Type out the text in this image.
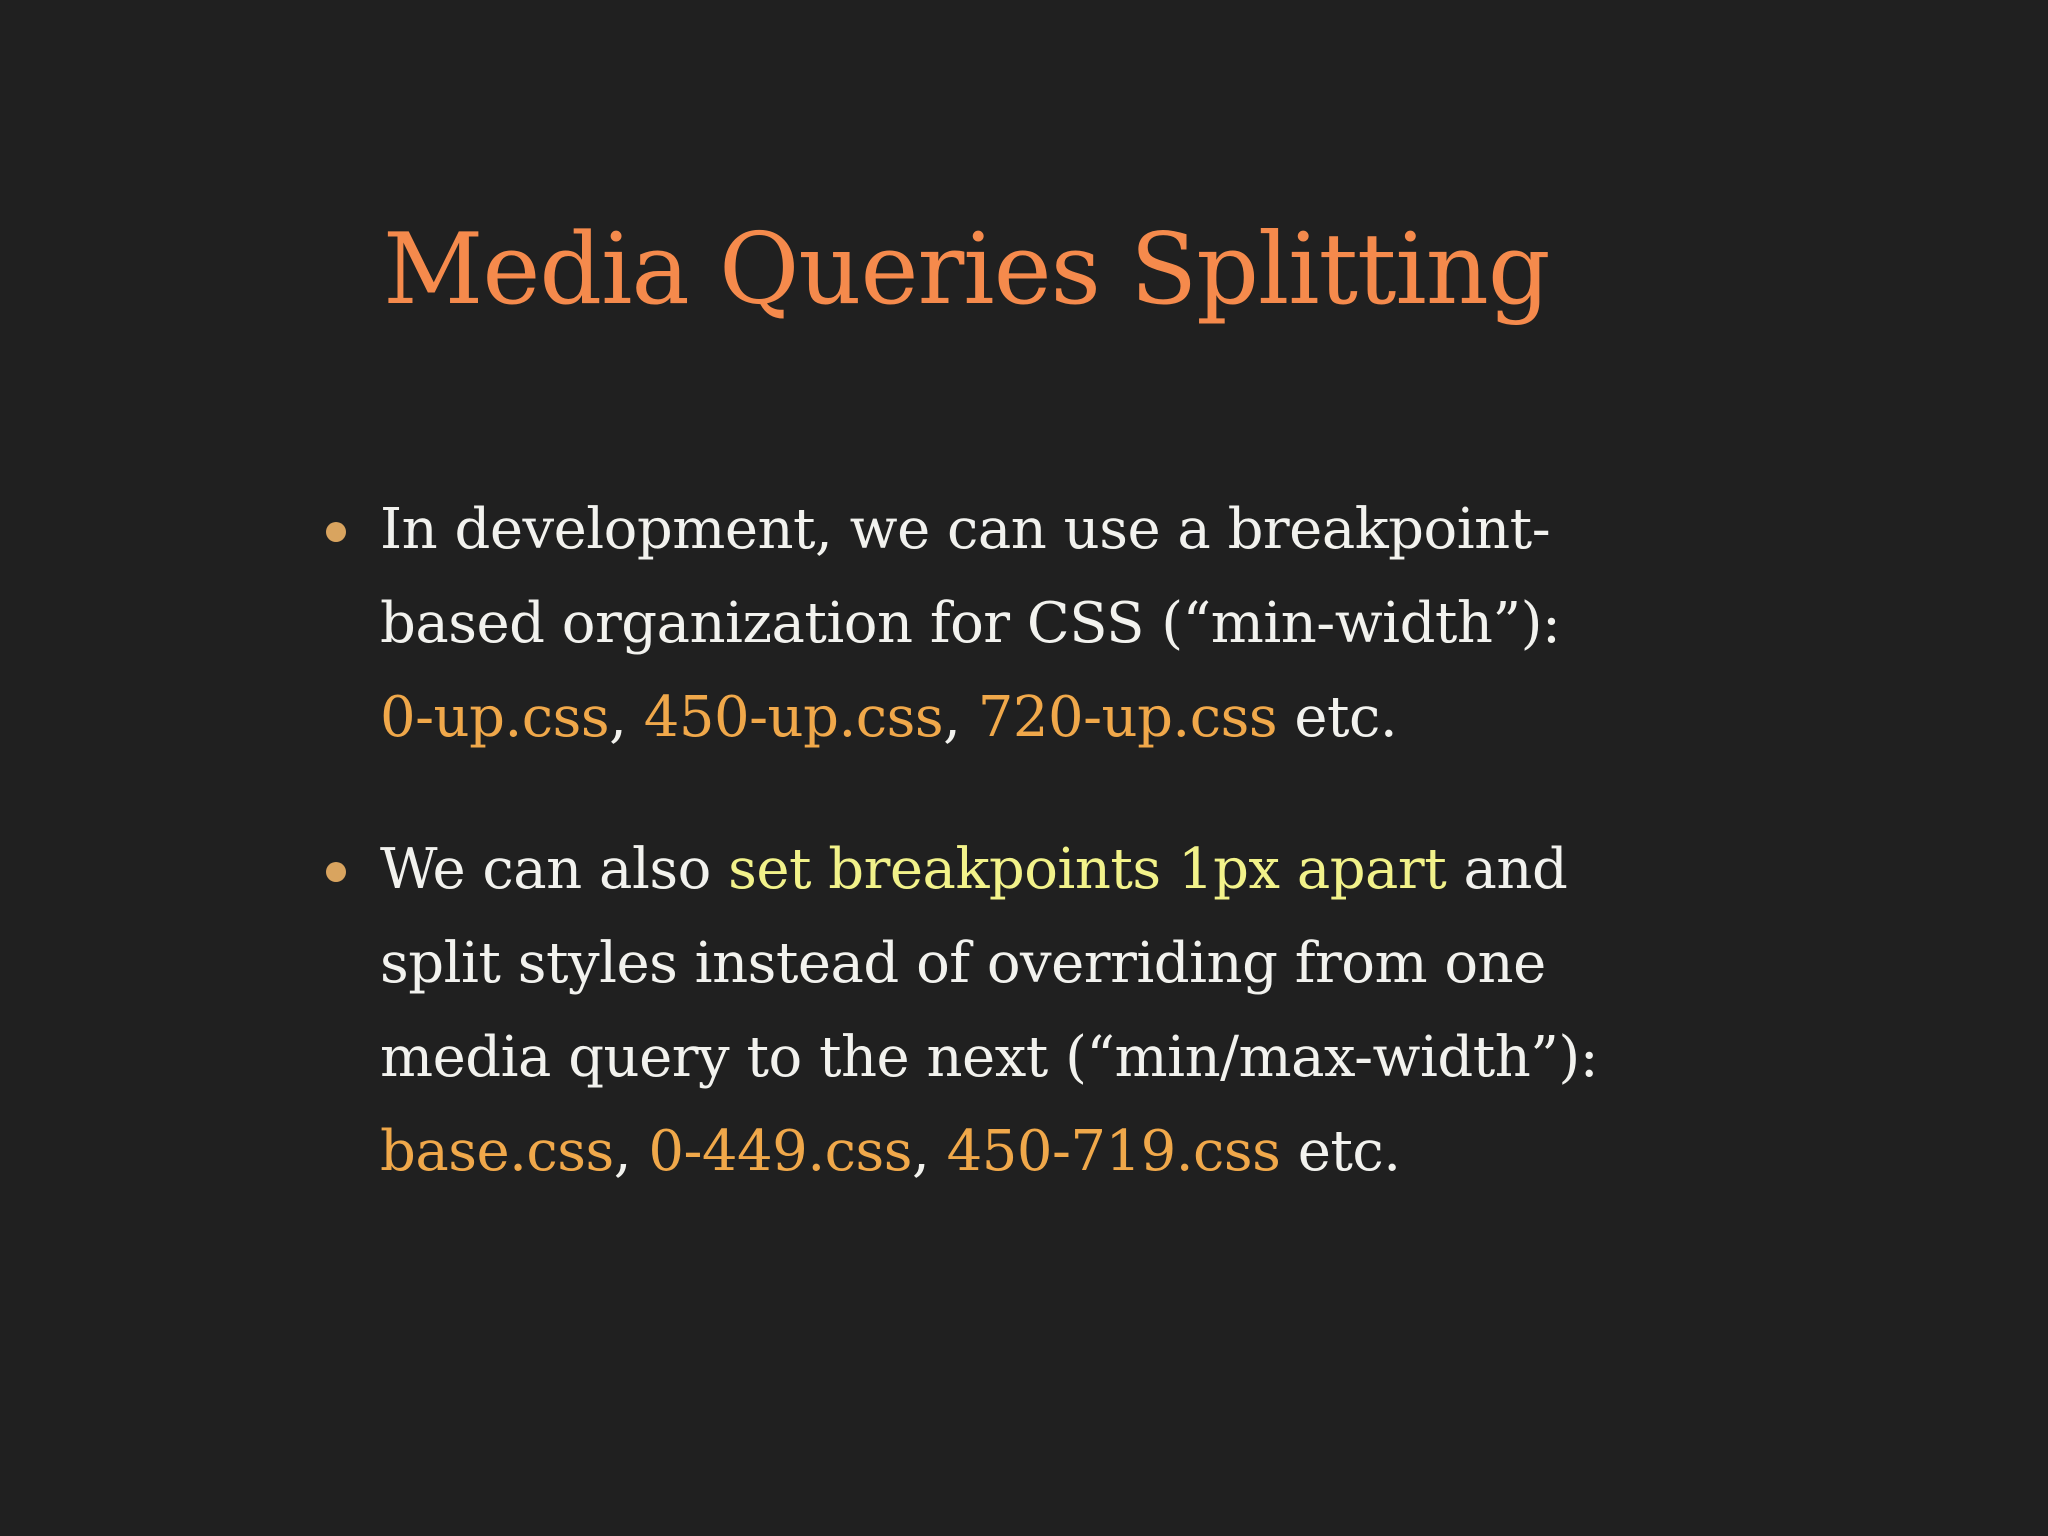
Media Queries Splitting
In development, we can use a breakpoint-
based organization for CSS (“min-width”):
0-up.css, 450-up.css, 720-up.css etc.
We can also set breakpoints 1px apart and
split styles instead of overriding from one
media query to the next (“min/max-width”):
base.css, 0-449.css, 450-719.css etc.
